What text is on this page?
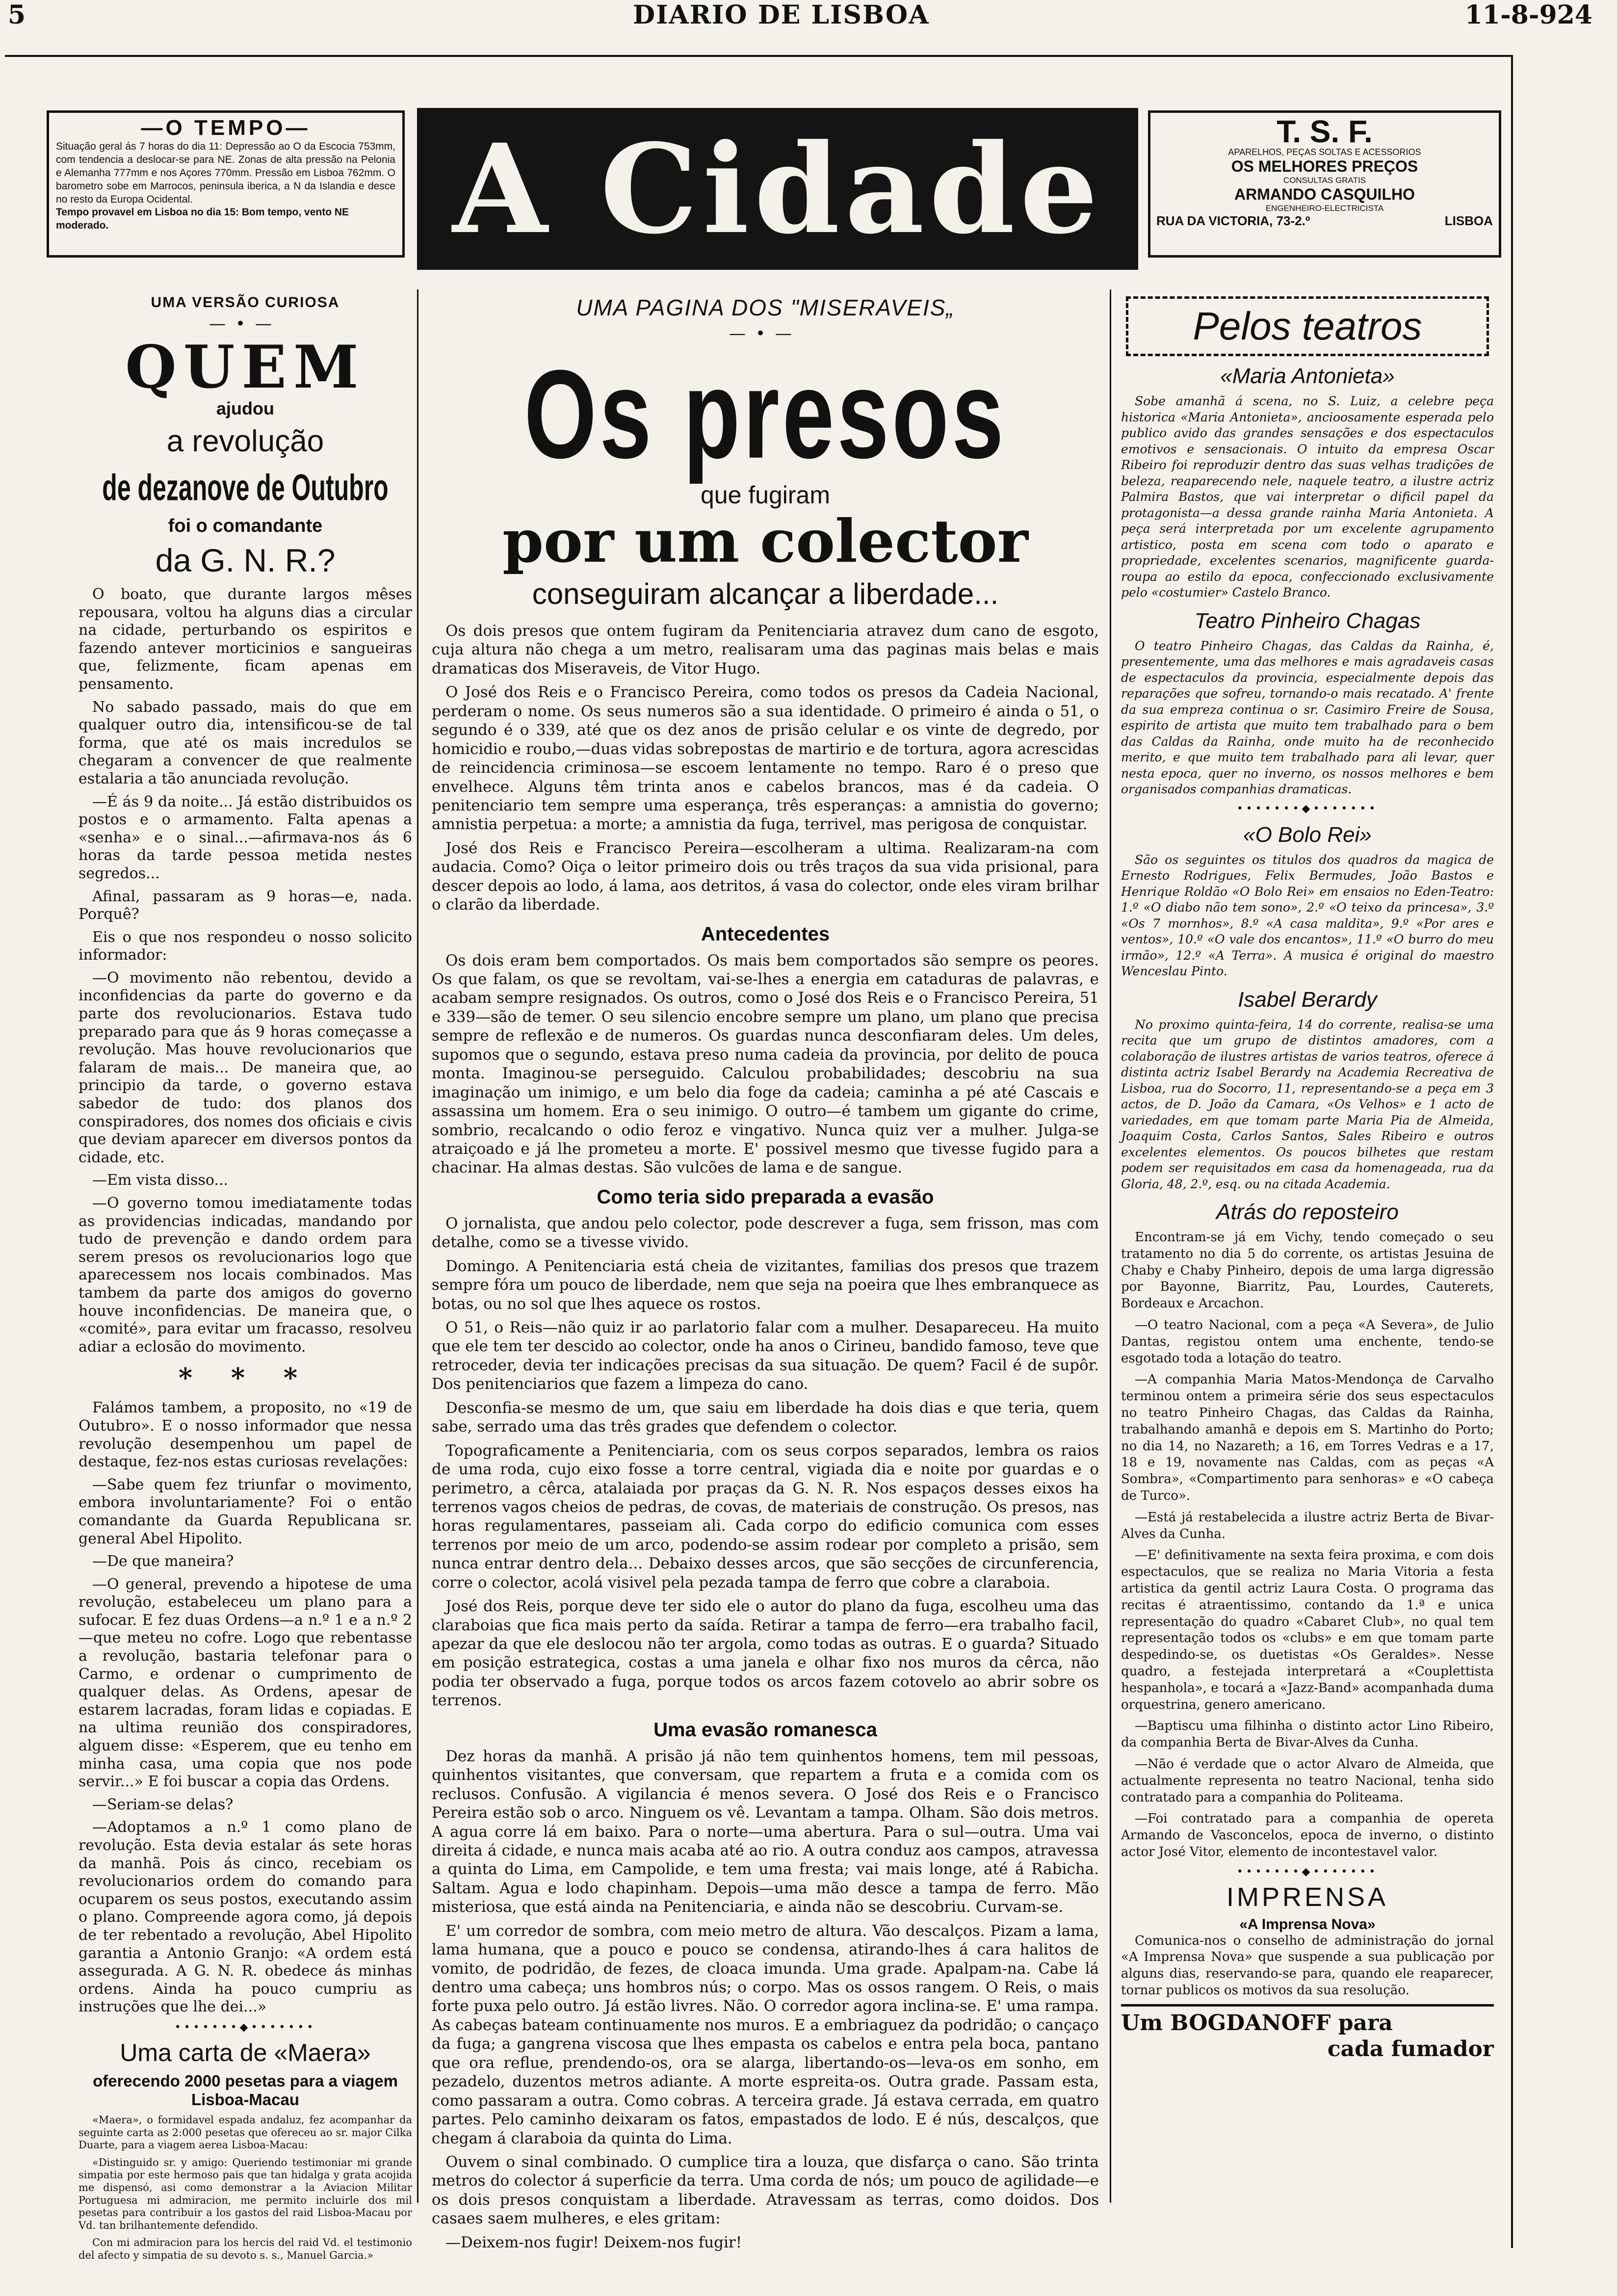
5	DIARIO DE LISBOA	11-8-924
—O TEMPO—
Situação geral ás 7 horas do dia 11: Depressão ao O da Escocia 753mm, com tendencia a deslocar-se para NE. Zonas de alta pressão na Pelonia e Alemanha 777mm e nos Açores 770mm. Pressão em Lisboa 762mm. O barometro sobe em Marrocos, peninsula iberica, a N da Islandia e desce no resto da Europa Ocidental.
Tempo provavel em Lisboa no dia 15: Bom tempo, vento NE moderado.	A Cidade	T. S. F.
APARELHOS, PEÇAS SOLTAS E ACESSORIOS
OS MELHORES PREÇOS
CONSULTAS GRATIS
ARMANDO CASQUILHO
ENGENHEIRO-ELECTRICISTA
RUA DA VICTORIA, 73-2.º	LISBOA
UMA VERSÃO CURIOSA
—•—
QUEM
ajudou
a revolução
de dezanove de Outubro
foi o comandante
da G. N. R.?

O boato, que durante largos mêses repousara, voltou ha alguns dias a circular na cidade, perturbando os espiritos e fazendo antever morticinios e sangueiras que, felizmente, ficam apenas em pensamento.

No sabado passado, mais do que em qualquer outro dia, intensificou-se de tal forma, que até os mais incredulos se chegaram a convencer de que realmente estalaria a tão anunciada revolução.

—É ás 9 da noite... Já estão distribuidos os postos e o armamento. Falta apenas a «senha» e o sinal...—afirmava-nos ás 6 horas da tarde pessoa metida nestes segredos...

Afinal, passaram as 9 horas—e, nada. Porquê?

Eis o que nos respondeu o nosso solicito informador:

—O movimento não rebentou, devido a inconfidencias da parte do governo e da parte dos revolucionarios. Estava tudo preparado para que ás 9 horas começasse a revolução. Mas houve revolucionarios que falaram de mais... De maneira que, ao principio da tarde, o governo estava sabedor de tudo: dos planos dos conspiradores, dos nomes dos oficiais e civis que deviam aparecer em diversos pontos da cidade, etc.

—Em vista disso...

—O governo tomou imediatamente todas as providencias indicadas, mandando por tudo de prevenção e dando ordem para serem presos os revolucionarios logo que aparecessem nos locais combinados. Mas tambem da parte dos amigos do governo houve inconfidencias. De maneira que, o «comité», para evitar um fracasso, resolveu adiar a eclosão do movimento.

* * *

Falámos tambem, a proposito, no «19 de Outubro». E o nosso informador que nessa revolução desempenhou um papel de destaque, fez-nos estas curiosas revelações:

—Sabe quem fez triunfar o movimento, embora involuntariamente? Foi o então comandante da Guarda Republicana sr. general Abel Hipolito.

—De que maneira?

—O general, prevendo a hipotese de uma revolução, estabeleceu um plano para a sufocar. E fez duas Ordens—a n.º 1 e a n.º 2—que meteu no cofre. Logo que rebentasse a revolução, bastaria telefonar para o Carmo, e ordenar o cumprimento de qualquer delas. As Ordens, apesar de estarem lacradas, foram lidas e copiadas. E na ultima reunião dos conspiradores, alguem disse: «Esperem, que eu tenho em minha casa, uma copia que nos pode servir...» E foi buscar a copia das Ordens.

—Seriam-se delas?

—Adoptamos a n.º 1 como plano de revolução. Esta devia estalar ás sete horas da manhã. Pois ás cinco, recebiam os revolucionarios ordem do comando para ocuparem os seus postos, executando assim o plano. Compreende agora como, já depois de ter rebentado a revolução, Abel Hipolito garantia a Antonio Granjo: «A ordem está assegurada. A G. N. R. obedece ás minhas ordens. Ainda ha pouco cumpriu as instruções que lhe dei...»

•••••••◆•••••••
Uma carta de «Maera»
oferecendo 2000 pesetas para a viagem Lisboa-Macau

«Maera», o formidavel espada andaluz, fez acompanhar da seguinte carta as 2:000 pesetas que ofereceu ao sr. major Cilka Duarte, para a viagem aerea Lisboa-Macau:

«Distinguido sr. y amigo: Queriendo testimoniar mi grande simpatia por este hermoso pais que tan hidalga y grata acojida me dispensó, asi como demonstrar a la Aviacion Militar Portuguesa mi admiracion, me permito incluirle dos mil pesetas para contribuir a los gastos del raid Lisboa-Macau por Vd. tan brilhantemente defendido.

Con mi admiracion para los hercis del raid Vd. el testimonio del afecto y simpatia de su devoto s. s., Manuel Garcia.»

UMA PAGINA DOS "MISERAVEIS„
—•—
Os presos
que fugiram
por um colector
conseguiram alcançar a liberdade...

Os dois presos que ontem fugiram da Penitenciaria atravez dum cano de esgoto, cuja altura não chega a um metro, realisaram uma das paginas mais belas e mais dramaticas dos Miseraveis, de Vitor Hugo.

O José dos Reis e o Francisco Pereira, como todos os presos da Cadeia Nacional, perderam o nome. Os seus numeros são a sua identidade. O primeiro é ainda o 51, o segundo é o 339, até que os dez anos de prisão celular e os vinte de degredo, por homicidio e roubo,—duas vidas sobrepostas de martirio e de tortura, agora acrescidas de reincidencia criminosa—se escoem lentamente no tempo. Raro é o preso que envelhece. Alguns têm trinta anos e cabelos brancos, mas é da cadeia. O penitenciario tem sempre uma esperança, três esperanças: a amnistia do governo; amnistia perpetua: a morte; a amnistia da fuga, terrivel, mas perigosa de conquistar.

José dos Reis e Francisco Pereira—escolheram a ultima. Realizaram-na com audacia. Como? Oiça o leitor primeiro dois ou três traços da sua vida prisional, para descer depois ao lodo, á lama, aos detritos, á vasa do colector, onde eles viram brilhar o clarão da liberdade.

Antecedentes

Os dois eram bem comportados. Os mais bem comportados são sempre os peores. Os que falam, os que se revoltam, vai-se-lhes a energia em cataduras de palavras, e acabam sempre resignados. Os outros, como o José dos Reis e o Francisco Pereira, 51 e 339—são de temer. O seu silencio encobre sempre um plano, um plano que precisa sempre de reflexão e de numeros. Os guardas nunca desconfiaram deles. Um deles, supomos que o segundo, estava preso numa cadeia da provincia, por delito de pouca monta. Imaginou-se perseguido. Calculou probabilidades; descobriu na sua imaginação um inimigo, e um belo dia foge da cadeia; caminha a pé até Cascais e assassina um homem. Era o seu inimigo. O outro—é tambem um gigante do crime, sombrio, recalcando o odio feroz e vingativo. Nunca quiz ver a mulher. Julga-se atraiçoado e já lhe prometeu a morte. E' possivel mesmo que tivesse fugido para a chacinar. Ha almas destas. São vulcões de lama e de sangue.

Como teria sido preparada a evasão

O jornalista, que andou pelo colector, pode descrever a fuga, sem frisson, mas com detalhe, como se a tivesse vivido.

Domingo. A Penitenciaria está cheia de vizitantes, familias dos presos que trazem sempre fóra um pouco de liberdade, nem que seja na poeira que lhes embranquece as botas, ou no sol que lhes aquece os rostos.

O 51, o Reis—não quiz ir ao parlatorio falar com a mulher. Desapareceu. Ha muito que ele tem ter descido ao colector, onde ha anos o Cirineu, bandido famoso, teve que retroceder, devia ter indicações precisas da sua situação. De quem? Facil é de supôr. Dos penitenciarios que fazem a limpeza do cano.

Desconfia-se mesmo de um, que saiu em liberdade ha dois dias e que teria, quem sabe, serrado uma das três grades que defendem o colector.

Topograficamente a Penitenciaria, com os seus corpos separados, lembra os raios de uma roda, cujo eixo fosse a torre central, vigiada dia e noite por guardas e o perimetro, a cêrca, atalaiada por praças da G. N. R. Nos espaços desses eixos ha terrenos vagos cheios de pedras, de covas, de materiais de construção. Os presos, nas horas regulamentares, passeiam ali. Cada corpo do edificio comunica com esses terrenos por meio de um arco, podendo-se assim rodear por completo a prisão, sem nunca entrar dentro dela... Debaixo desses arcos, que são secções de circunferencia, corre o colector, acolá visivel pela pezada tampa de ferro que cobre a claraboia.

José dos Reis, porque deve ter sido ele o autor do plano da fuga, escolheu uma das claraboias que fica mais perto da saída. Retirar a tampa de ferro—era trabalho facil, apezar da que ele deslocou não ter argola, como todas as outras. E o guarda? Situado em posição estrategica, costas a uma janela e olhar fixo nos muros da cêrca, não podia ter observado a fuga, porque todos os arcos fazem cotovelo ao abrir sobre os terrenos.

Uma evasão romanesca

Dez horas da manhã. A prisão já não tem quinhentos homens, tem mil pessoas, quinhentos visitantes, que conversam, que repartem a fruta e a comida com os reclusos. Confusão. A vigilancia é menos severa. O José dos Reis e o Francisco Pereira estão sob o arco. Ninguem os vê. Levantam a tampa. Olham. São dois metros. A agua corre lá em baixo. Para o norte—uma abertura. Para o sul—outra. Uma vai direita á cidade, e nunca mais acaba até ao rio. A outra conduz aos campos, atravessa a quinta do Lima, em Campolide, e tem uma fresta; vai mais longe, até á Rabicha. Saltam. Agua e lodo chapinham. Depois—uma mão desce a tampa de ferro. Mão misteriosa, que está ainda na Penitenciaria, e ainda não se descobriu. Curvam-se.

E' um corredor de sombra, com meio metro de altura. Vão descalços. Pizam a lama, lama humana, que a pouco e pouco se condensa, atirando-lhes á cara halitos de vomito, de podridão, de fezes, de cloaca imunda. Uma grade. Apalpam-na. Cabe lá dentro uma cabeça; uns hombros nús; o corpo. Mas os ossos rangem. O Reis, o mais forte puxa pelo outro. Já estão livres. Não. O corredor agora inclina-se. E' uma rampa. As cabeças bateam continuamente nos muros. E a embriaguez da podridão; o cançaço da fuga; a gangrena viscosa que lhes empasta os cabelos e entra pela boca, pantano que ora reflue, prendendo-os, ora se alarga, libertando-os—leva-os em sonho, em pezadelo, duzentos metros adiante. A morte espreita-os. Outra grade. Passam esta, como passaram a outra. Como cobras. A terceira grade. Já estava cerrada, em quatro partes. Pelo caminho deixaram os fatos, empastados de lodo. E é nús, descalços, que chegam á claraboia da quinta do Lima.

Ouvem o sinal combinado. O cumplice tira a louza, que disfarça o cano. São trinta metros do colector á superficie da terra. Uma corda de nós; um pouco de agilidade—e os dois presos conquistam a liberdade. Atravessam as terras, como doidos. Dos casaes saem mulheres, e eles gritam:

—Deixem-nos fugir! Deixem-nos fugir!

Pelos teatros
«Maria Antonieta»

Sobe amanhã á scena, no S. Luiz, a celebre peça historica «Maria Antonieta», ancioosamente esperada pelo publico avido das grandes sensações e dos espectaculos emotivos e sensacionais. O intuito da empresa Oscar Ribeiro foi reproduzir dentro das suas velhas tradições de beleza, reaparecendo nele, naquele teatro, a ilustre actriz Palmira Bastos, que vai interpretar o dificil papel da protagonista—a dessa grande rainha Maria Antonieta. A peça será interpretada por um excelente agrupamento artistico, posta em scena com todo o aparato e propriedade, excelentes scenarios, magnificente guarda-roupa ao estilo da epoca, confeccionado exclusivamente pelo «costumier» Castelo Branco.

Teatro Pinheiro Chagas

O teatro Pinheiro Chagas, das Caldas da Rainha, é, presentemente, uma das melhores e mais agradaveis casas de espectaculos da provincia, especialmente depois das reparações que sofreu, tornando-o mais recatado. A' frente da sua empreza continua o sr. Casimiro Freire de Sousa, espirito de artista que muito tem trabalhado para o bem das Caldas da Rainha, onde muito ha de reconhecido merito, e que muito tem trabalhado para ali levar, quer nesta epoca, quer no inverno, os nossos melhores e bem organisados companhias dramaticas.

•••••••◆•••••••
«O Bolo Rei»

São os seguintes os titulos dos quadros da magica de Ernesto Rodrigues, Felix Bermudes, João Bastos e Henrique Roldão «O Bolo Rei» em ensaios no Eden-Teatro: 1.º «O diabo não tem sono», 2.º «O teixo da princesa», 3.º «Os 7 mornhos», 8.º «A casa maldita», 9.º «Por ares e ventos», 10.º «O vale dos encantos», 11.º «O burro do meu irmão», 12.º «A Terra». A musica é original do maestro Wenceslau Pinto.

Isabel Berardy

No proximo quinta-feira, 14 do corrente, realisa-se uma recita que um grupo de distintos amadores, com a colaboração de ilustres artistas de varios teatros, oferece á distinta actriz Isabel Berardy na Academia Recreativa de Lisboa, rua do Socorro, 11, representando-se a peça em 3 actos, de D. João da Camara, «Os Velhos» e 1 acto de variedades, em que tomam parte Maria Pia de Almeida, Joaquim Costa, Carlos Santos, Sales Ribeiro e outros excelentes elementos. Os poucos bilhetes que restam podem ser requisitados em casa da homenageada, rua da Gloria, 48, 2.º, esq. ou na citada Academia.

Atrás do reposteiro

Encontram-se já em Vichy, tendo começado o seu tratamento no dia 5 do corrente, os artistas Jesuina de Chaby e Chaby Pinheiro, depois de uma larga digressão por Bayonne, Biarritz, Pau, Lourdes, Cauterets, Bordeaux e Arcachon.

—O teatro Nacional, com a peça «A Severa», de Julio Dantas, registou ontem uma enchente, tendo-se esgotado toda a lotação do teatro.

—A companhia Maria Matos-Mendonça de Carvalho terminou ontem a primeira série dos seus espectaculos no teatro Pinheiro Chagas, das Caldas da Rainha, trabalhando amanhã e depois em S. Martinho do Porto; no dia 14, no Nazareth; a 16, em Torres Vedras e a 17, 18 e 19, novamente nas Caldas, com as peças «A Sombra», «Compartimento para senhoras» e «O cabeça de Turco».

—Está já restabelecida a ilustre actriz Berta de Bivar-Alves da Cunha.

—E' definitivamente na sexta feira proxima, e com dois espectaculos, que se realiza no Maria Vitoria a festa artistica da gentil actriz Laura Costa. O programa das recitas é atraentissimo, contando da 1.ª e unica representação do quadro «Cabaret Club», no qual tem representação todos os «clubs» e em que tomam parte despedindo-se, os duetistas «Os Geraldes». Nesse quadro, a festejada interpretará a «Couplettista hespanhola», e tocará a «Jazz-Band» acompanhada duma orquestrina, genero americano.

—Baptiscu uma filhinha o distinto actor Lino Ribeiro, da companhia Berta de Bivar-Alves da Cunha.

—Não é verdade que o actor Alvaro de Almeida, que actualmente representa no teatro Nacional, tenha sido contratado para a companhia do Politeama.

—Foi contratado para a companhia de opereta Armando de Vasconcelos, epoca de inverno, o distinto actor José Vitor, elemento de incontestavel valor.

•••••••◆•••••••
IMPRENSA
«A Imprensa Nova»

Comunica-nos o conselho de administração do jornal «A Imprensa Nova» que suspende a sua publicação por alguns dias, reservando-se para, quando ele reaparecer, tornar publicos os motivos da sua resolução.

Um BOGDANOFF para
cada fumador
